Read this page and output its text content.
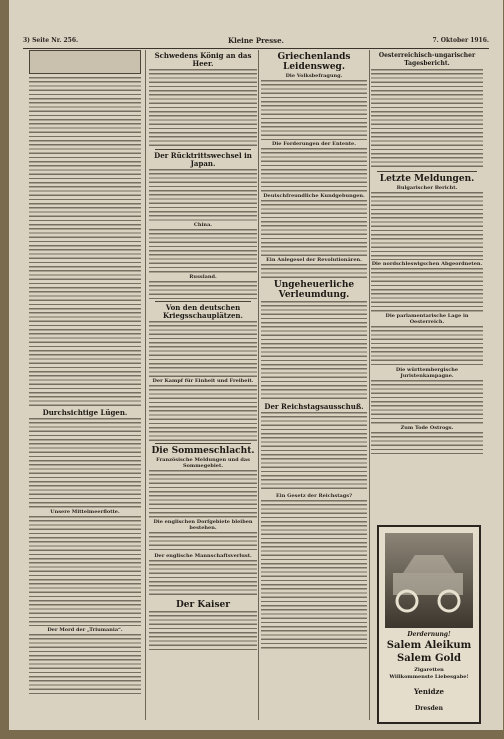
3) Seite Nr. 256.	Kleine Presse.	7. Oktober 1916.
Durchsichtige Lügen.
Unsere Mittelmeerflotte.
Der Mord der „Triumania“.
Schwedens König an das Heer.
Der Rücktrittswechsel in Japan.
China.
Russland.
Von den deutschen Kriegsschauplätzen.
Der Kampf für Einheit und Freiheit.
Die Sommeschlacht.
Französische Meldungen und das Sommegebiet.
Die englischen Dorfgebiete bleiben bestehen.
Der englische Mannschaftsverlust.
Der Kaiser
Griechenlands Leidensweg.
Die Volksbefragung.
Die Forderungen der Entente.
Deutschfreundliche Kundgebungen.
Ein Anlegesel der Revolutionären.
Ungeheuerliche Verleumdung.
Der Reichstagsausschuß.
Ein Gesetz der Reichstags?
Oesterreichisch-ungarischer Tagesbericht.
Letzte Meldungen.
Bulgarischer Bericht.
Die nordschleswigschen Abgeordneten.
Die parlamentarische Lage in Oesterreich.
Die württembergische Juristenkampagne.
Zum Tode Ostrogs.
Derdernung!
Salem Aleikum
Salem Gold
Zigaretten
Willkommenste Liebesgabe!
Yenidze
Dresden
